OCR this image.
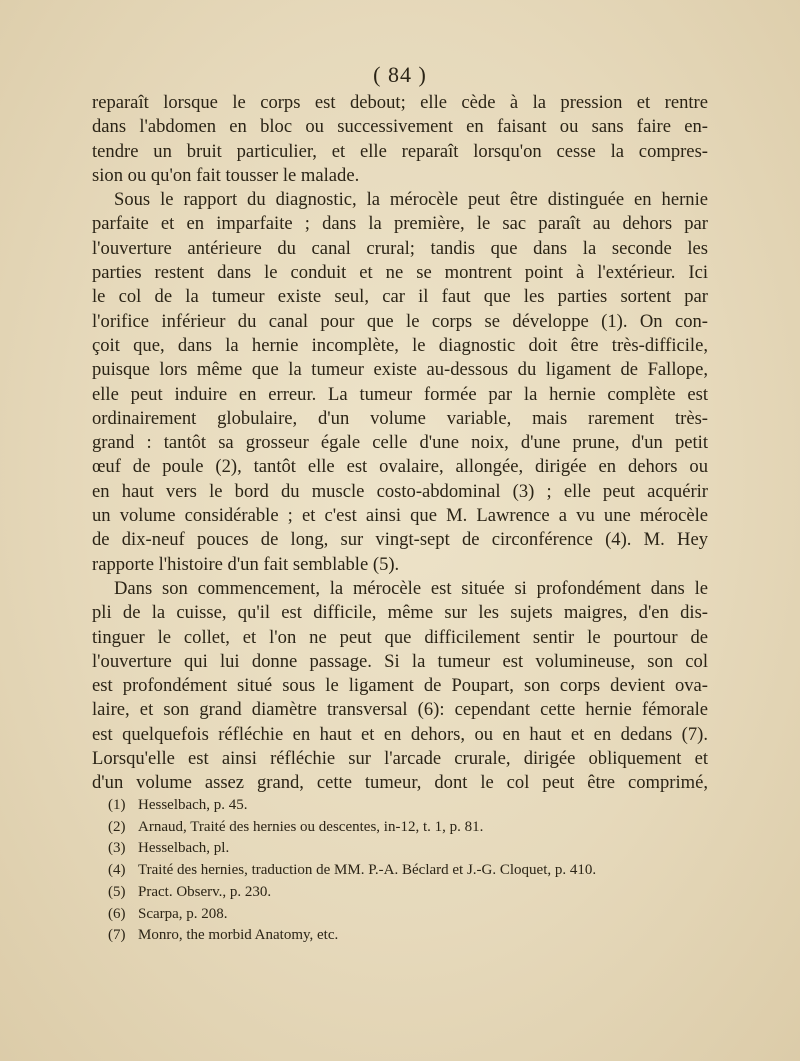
( 84 )
reparaît lorsque le corps est debout; elle cède à la pression et rentre
dans l'abdomen en bloc ou successivement en faisant ou sans faire en-
tendre un bruit particulier, et elle reparaît lorsqu'on cesse la compres-
sion ou qu'on fait tousser le malade.
Sous le rapport du diagnostic, la mérocèle peut être distinguée en hernie
parfaite et en imparfaite ; dans la première, le sac paraît au dehors par
l'ouverture antérieure du canal crural; tandis que dans la seconde les
parties restent dans le conduit et ne se montrent point à l'extérieur. Ici
le col de la tumeur existe seul, car il faut que les parties sortent par
l'orifice inférieur du canal pour que le corps se développe (1). On con-
çoit que, dans la hernie incomplète, le diagnostic doit être très-difficile,
puisque lors même que la tumeur existe au-dessous du ligament de Fallope,
elle peut induire en erreur. La tumeur formée par la hernie complète est
ordinairement globulaire, d'un volume variable, mais rarement très-
grand : tantôt sa grosseur égale celle d'une noix, d'une prune, d'un petit
œuf de poule (2), tantôt elle est ovalaire, allongée, dirigée en dehors ou
en haut vers le bord du muscle costo-abdominal (3) ; elle peut acquérir
un volume considérable ; et c'est ainsi que M. Lawrence a vu une mérocèle
de dix-neuf pouces de long, sur vingt-sept de circonférence (4). M. Hey
rapporte l'histoire d'un fait semblable (5).
Dans son commencement, la mérocèle est située si profondément dans le
pli de la cuisse, qu'il est difficile, même sur les sujets maigres, d'en dis-
tinguer le collet, et l'on ne peut que difficilement sentir le pourtour de
l'ouverture qui lui donne passage. Si la tumeur est volumineuse, son col
est profondément situé sous le ligament de Poupart, son corps devient ova-
laire, et son grand diamètre transversal (6): cependant cette hernie fémorale
est quelquefois réfléchie en haut et en dehors, ou en haut et en dedans (7).
Lorsqu'elle est ainsi réfléchie sur l'arcade crurale, dirigée obliquement et
d'un volume assez grand, cette tumeur, dont le col peut être comprimé,
(1) Hesselbach, p. 45.
(2) Arnaud, Traité des hernies ou descentes, in-12, t. 1, p. 81.
(3) Hesselbach, pl.
(4) Traité des hernies, traduction de MM. P.-A. Béclard et J.-G. Cloquet, p. 410.
(5) Pract. Observ., p. 230.
(6) Scarpa, p. 208.
(7) Monro, the morbid Anatomy, etc.
